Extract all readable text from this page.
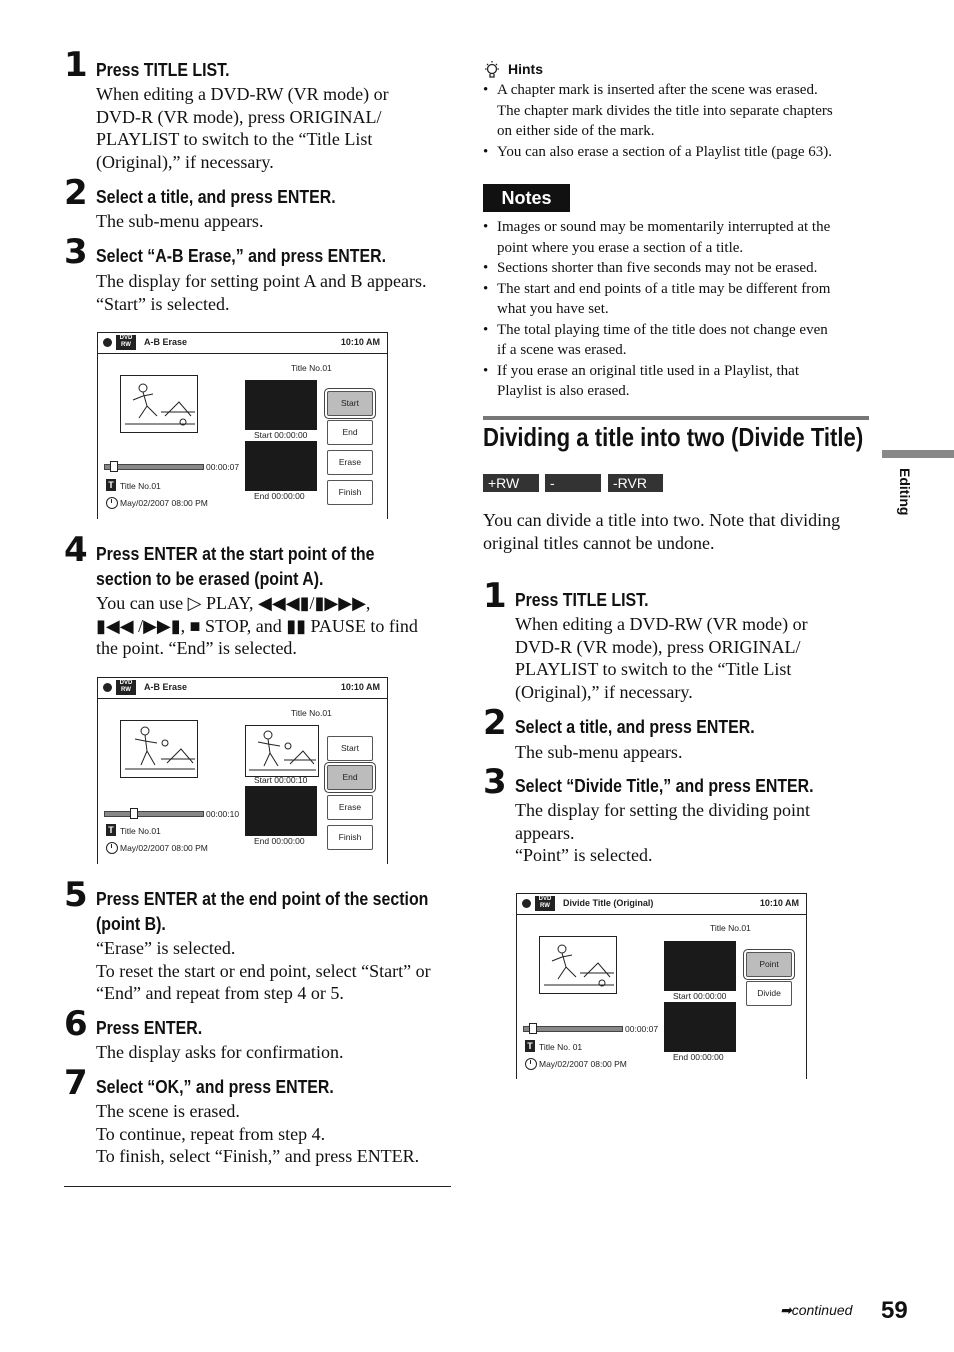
1 Press TITLE LIST.
When editing a DVD-RW (VR mode) or
DVD-R (VR mode), press ORIGINAL/
PLAYLIST to switch to the “Title List
(Original),” if necessary.
2 Select a title, and press ENTER.
The sub-menu appears.
3 Select “A-B Erase,” and press ENTER.
The display for setting point A and B appears.
“Start” is selected.
DVD
RW	A-B Erase	10:10 AM
Title No.01
Start 00:00:00
End 00:00:00
Start
End
Erase
Finish
00:00:07
T Title No.01
May/02/2007 08:00 PM
4 Press ENTER at the start point of the
section to be erased (point A).
You can use ▷ PLAY, ◀◀◀▮/▮▶▶▶,
▮◀◀ /▶▶▮, ■ STOP, and ▮▮ PAUSE to find
the point. “End” is selected.
DVD
RW	A-B Erase	10:10 AM
Title No.01
Start 00:00:10
End 00:00:00
Start
End
Erase
Finish
00:00:10
T Title No.01
May/02/2007 08:00 PM
5 Press ENTER at the end point of the section
(point B).
“Erase” is selected.
To reset the start or end point, select “Start” or
“End” and repeat from step 4 or 5.
6 Press ENTER.
The display asks for confirmation.
7 Select “OK,” and press ENTER.
The scene is erased.
To continue, repeat from step 4.
To finish, select “Finish,” and press ENTER.
Hints
• A chapter mark is inserted after the scene was erased.
The chapter mark divides the title into separate chapters
on either side of the mark.
• You can also erase a section of a Playlist title (page 63).
Notes
• Images or sound may be momentarily interrupted at the
point where you erase a section of a title.
• Sections shorter than five seconds may not be erased.
• The start and end points of a title may be different from
what you have set.
• The total playing time of the title does not change even
if a scene was erased.
• If you erase an original title used in a Playlist, that
Playlist is also erased.
Dividing a title into two (Divide Title)
+RW	-RWVR
-RVR
You can divide a title into two. Note that dividing
original titles cannot be undone.
1 Press TITLE LIST.
When editing a DVD-RW (VR mode) or
DVD-R (VR mode), press ORIGINAL/
PLAYLIST to switch to the “Title List
(Original),” if necessary.
2 Select a title, and press ENTER.
The sub-menu appears.
3 Select “Divide Title,” and press ENTER.
The display for setting the dividing point
appears.
“Point” is selected.
DVD
RW	Divide Title (Original)	10:10 AM
Title No.01
Start 00:00:00
End 00:00:00
Point
Divide
00:00:07
T Title No. 01
May/02/2007 08:00 PM
Editing
➡continued 59
